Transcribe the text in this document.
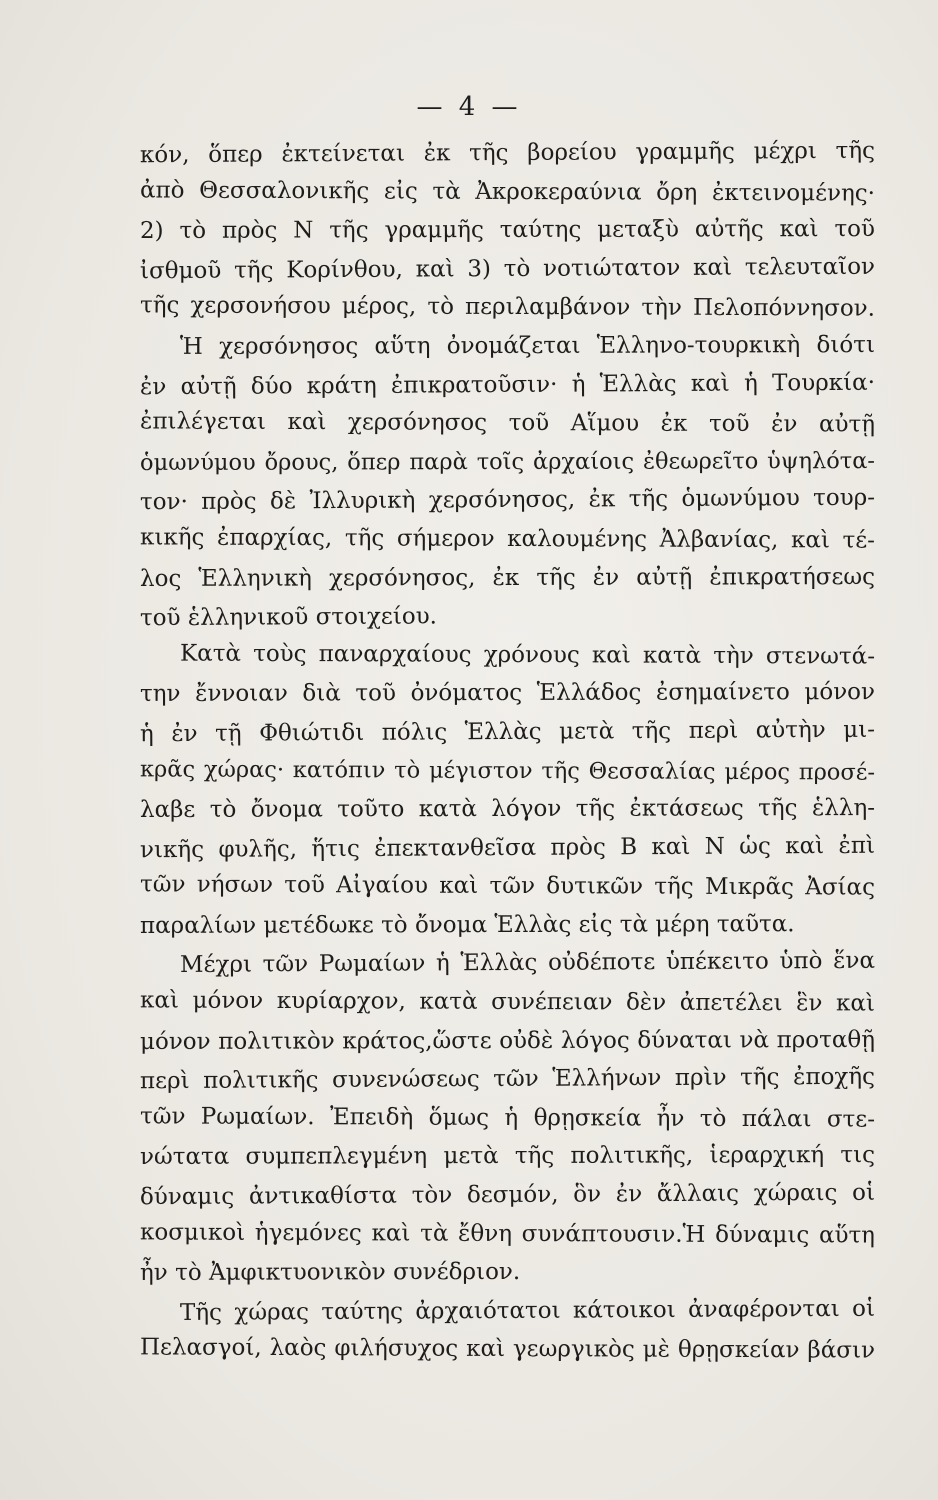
— 4 —
κόν, ὅπερ ἐκτείνεται ἐκ τῆς βορείου γραμμῆς μέχρι τῆς
ἀπὸ Θεσσαλονικῆς εἰς τὰ Ἀκροκεραύνια ὄρη ἐκτεινομένης·
2) τὸ πρὸς Ν τῆς γραμμῆς ταύτης μεταξὺ αὐτῆς καὶ τοῦ
ἰσθμοῦ τῆς Κορίνθου, καὶ 3) τὸ νοτιώτατον καὶ τελευταῖον
τῆς χερσονήσου μέρος, τὸ περιλαμβάνον τὴν Πελοπόννησον.
Ἡ χερσόνησος αὕτη ὀνομάζεται Ἑλληνο-τουρκικὴ διότι
ἐν αὐτῇ δύο κράτη ἐπικρατοῦσιν· ἡ Ἑλλὰς καὶ ἡ Τουρκία·
ἐπιλέγεται καὶ χερσόνησος τοῦ Αἵμου ἐκ τοῦ ἐν αὐτῇ
ὁμωνύμου ὄρους, ὅπερ παρὰ τοῖς ἀρχαίοις ἐθεωρεῖτο ὑψηλότα-
τον· πρὸς δὲ Ἰλλυρικὴ χερσόνησος, ἐκ τῆς ὁμωνύμου τουρ-
κικῆς ἐπαρχίας, τῆς σήμερον καλουμένης Ἀλβανίας, καὶ τέ-
λος Ἑλληνικὴ χερσόνησος, ἐκ τῆς ἐν αὐτῇ ἐπικρατήσεως
τοῦ ἑλληνικοῦ στοιχείου.
Κατὰ τοὺς παναρχαίους χρόνους καὶ κατὰ τὴν στενωτά-
την ἔννοιαν διὰ τοῦ ὀνόματος Ἑλλάδος ἐσημαίνετο μόνον
ἡ ἐν τῇ Φθιώτιδι πόλις Ἑλλὰς μετὰ τῆς περὶ αὐτὴν μι-
κρᾶς χώρας· κατόπιν τὸ μέγιστον τῆς Θεσσαλίας μέρος προσέ-
λαβε τὸ ὄνομα τοῦτο κατὰ λόγον τῆς ἐκτάσεως τῆς ἑλλη-
νικῆς φυλῆς, ἥτις ἐπεκτανθεῖσα πρὸς Β καὶ Ν ὡς καὶ ἐπὶ
τῶν νήσων τοῦ Αἰγαίου καὶ τῶν δυτικῶν τῆς Μικρᾶς Ἀσίας
παραλίων μετέδωκε τὸ ὄνομα Ἑλλὰς εἰς τὰ μέρη ταῦτα.
Μέχρι τῶν Ρωμαίων ἡ Ἑλλὰς οὐδέποτε ὑπέκειτο ὑπὸ ἕνα
καὶ μόνον κυρίαρχον, κατὰ συνέπειαν δὲν ἀπετέλει ἓν καὶ
μόνον πολιτικὸν κράτος,ὥστε οὐδὲ λόγος δύναται νὰ προταθῇ
περὶ πολιτικῆς συνενώσεως τῶν Ἑλλήνων πρὶν τῆς ἐποχῆς
τῶν Ρωμαίων. Ἐπειδὴ ὅμως ἡ θρῃσκεία ἦν τὸ πάλαι στε-
νώτατα συμπεπλεγμένη μετὰ τῆς πολιτικῆς, ἱεραρχική τις
δύναμις ἀντικαθίστα τὸν δεσμόν, ὃν ἐν ἄλλαις χώραις οἱ
κοσμικοὶ ἡγεμόνες καὶ τὰ ἔθνη συνάπτουσιν.Ἡ δύναμις αὕτη
ἦν τὸ Ἀμφικτυονικὸν συνέδριον.
Τῆς χώρας ταύτης ἀρχαιότατοι κάτοικοι ἀναφέρονται οἱ
Πελασγοί, λαὸς φιλήσυχος καὶ γεωργικὸς μὲ θρῃσκείαν βάσιν
